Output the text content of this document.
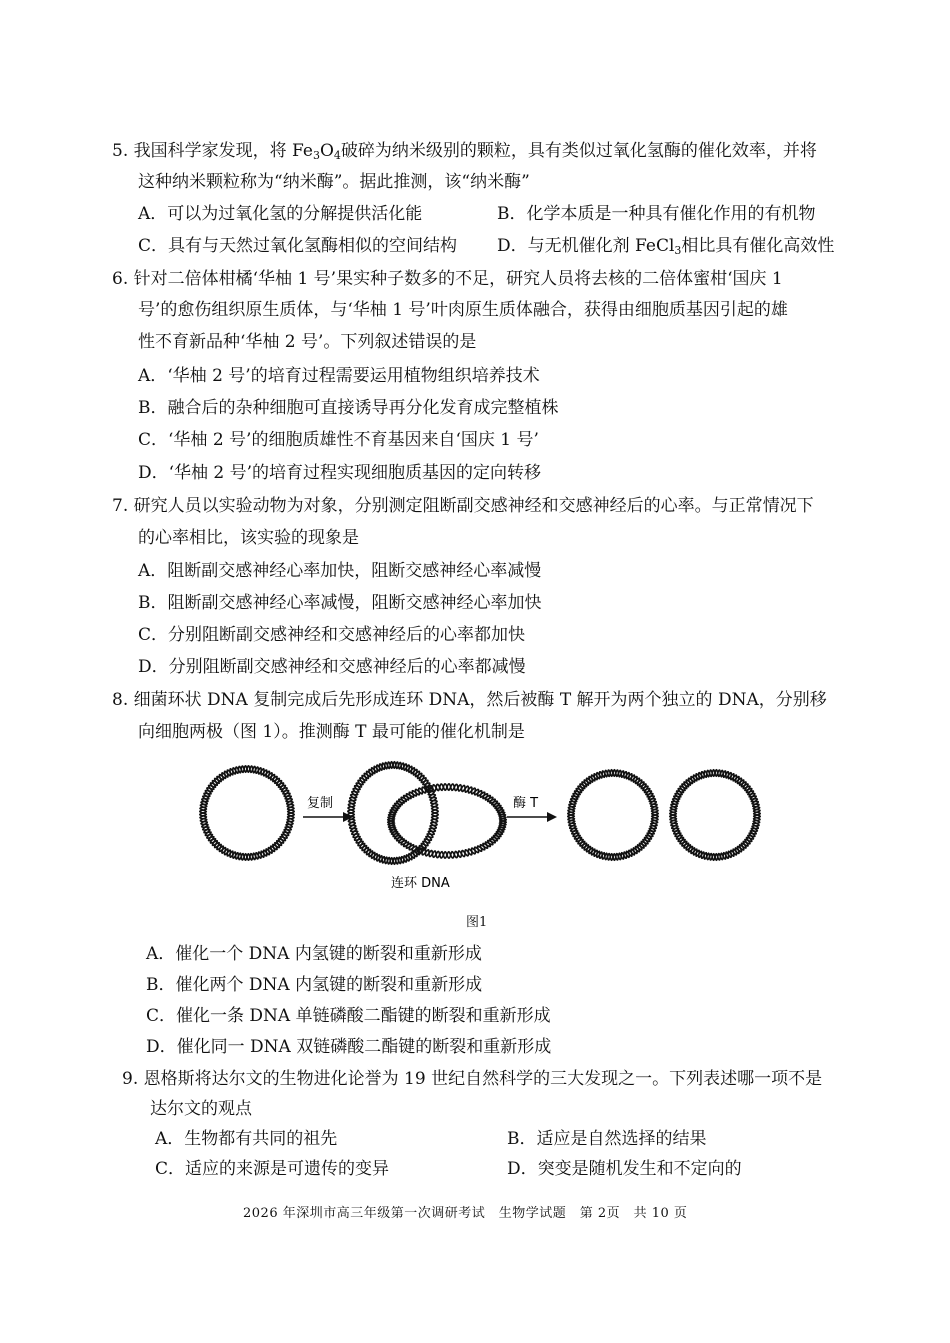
5. 我国科学家发现，将 $Fe_3O_4$破碎为纳米级别的颗粒，具有类似过氧化氢酶的催化效率，并将
这种纳米颗粒称为“纳米酶”。据此推测，该“纳米酶”
A．可以为过氧化氢的分解提供活化能	B．化学本质是一种具有催化作用的有机物
C．具有与天然过氧化氢酶相似的空间结构 D．与无机催化剂 FeCl$_3$相比具有催化高效性
6. 针对二倍体柑橘‘华柚 1 号’果实种子数多的不足，研究人员将去核的二倍体蜜柑‘国庆 1
号’的愈伤组织原生质体，与‘华柚 1 号’叶肉原生质体融合，获得由细胞质基因引起的雄
性不育新品种‘华柚 2 号’。下列叙述错误的是
A．‘华柚 2 号’的培育过程需要运用植物组织培养技术
B．融合后的杂种细胞可直接诱导再分化发育成完整植株
C．‘华柚 2 号’的细胞质雄性不育基因来自‘国庆 1 号’
D．‘华柚 2 号’的培育过程实现细胞质基因的定向转移
7. 研究人员以实验动物为对象，分别测定阻断副交感神经和交感神经后的心率。与正常情况下
的心率相比，该实验的现象是
A．阻断副交感神经心率加快，阻断交感神经心率减慢
B．阻断副交感神经心率减慢，阻断交感神经心率加快
C．分别阻断副交感神经和交感神经后的心率都加快
D．分别阻断副交感神经和交感神经后的心率都减慢
8. 细菌环状 DNA 复制完成后先形成连环 DNA，然后被酶 T 解开为两个独立的 DNA，分别移
向细胞两极（图 1）。推测酶 T 最可能的催化机制是
复制	酶 T
连环 DNA
图1
A．催化一个 DNA 内氢键的断裂和重新形成
B．催化两个 DNA 内氢键的断裂和重新形成
C．催化一条 DNA 单链磷酸二酯键的断裂和重新形成
D．催化同一 DNA 双链磷酸二酯键的断裂和重新形成
9. 恩格斯将达尔文的生物进化论誉为 19 世纪自然科学的三大发现之一。下列表述哪一项不是
达尔文的观点
A．生物都有共同的祖先	B．适应是自然选择的结果
C．适应的来源是可遗传的变异	D．突变是随机发生和不定向的
2026 年深圳市高三年级第一次调研考试　生物学试题　第 2页　共 10 页
